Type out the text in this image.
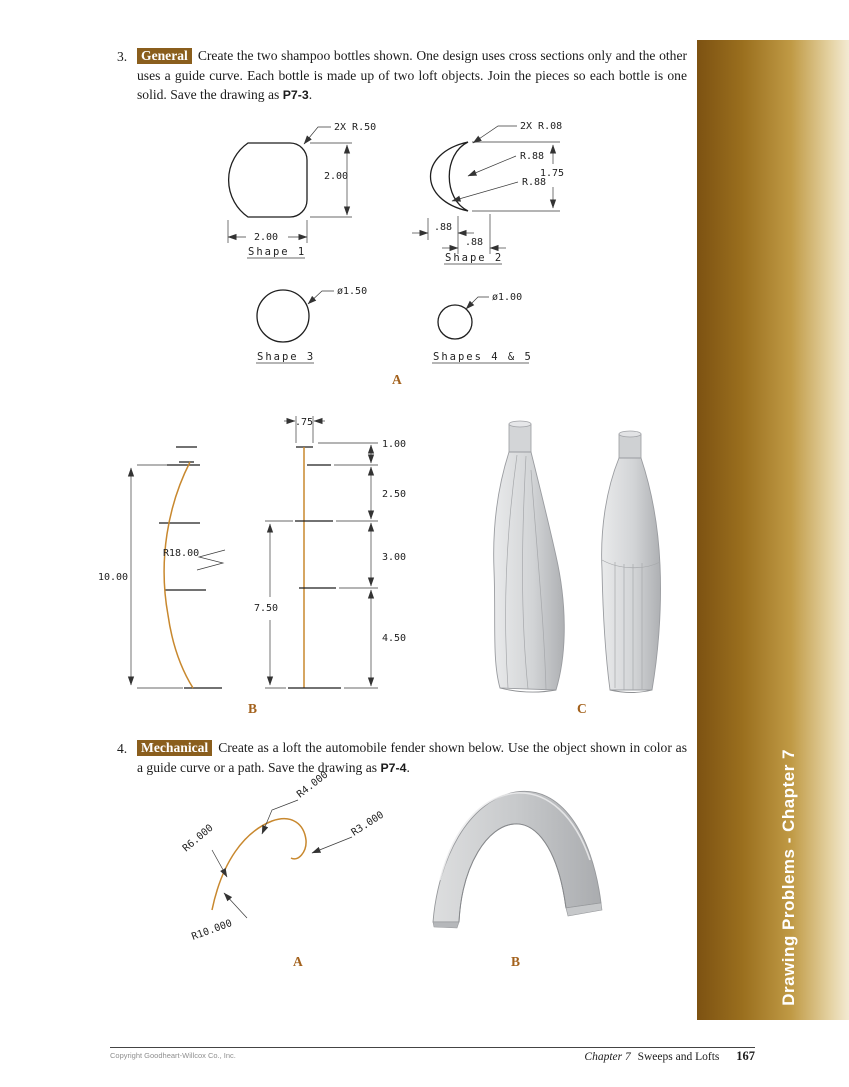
3. General Create the two shampoo bottles shown. One design uses cross sections only and the other uses a guide curve. Each bottle is made up of two loft objects. Join the pieces so each bottle is one solid. Save the drawing as P7-3.
2X R.50
2.00
2.00
Shape 1
2X R.08
R.88
R.88
1.75
.88
.88
Shape 2
ø1.50
Shape 3
ø1.00
Shapes 4 & 5
A
10.00
R18.00
.75
1.00
2.50
3.00
4.50
7.50
B	C
4. Mechanical Create as a loft the automobile fender shown below. Use the object shown in color as a guide curve or a path. Save the drawing as P7-4.
R4.000
R3.000
R6.000
R10.000
A	B	Drawing Problems - Chapter 7
Copyright Goodheart-Willcox Co., Inc.	Chapter 7 Sweeps and Lofts 167
